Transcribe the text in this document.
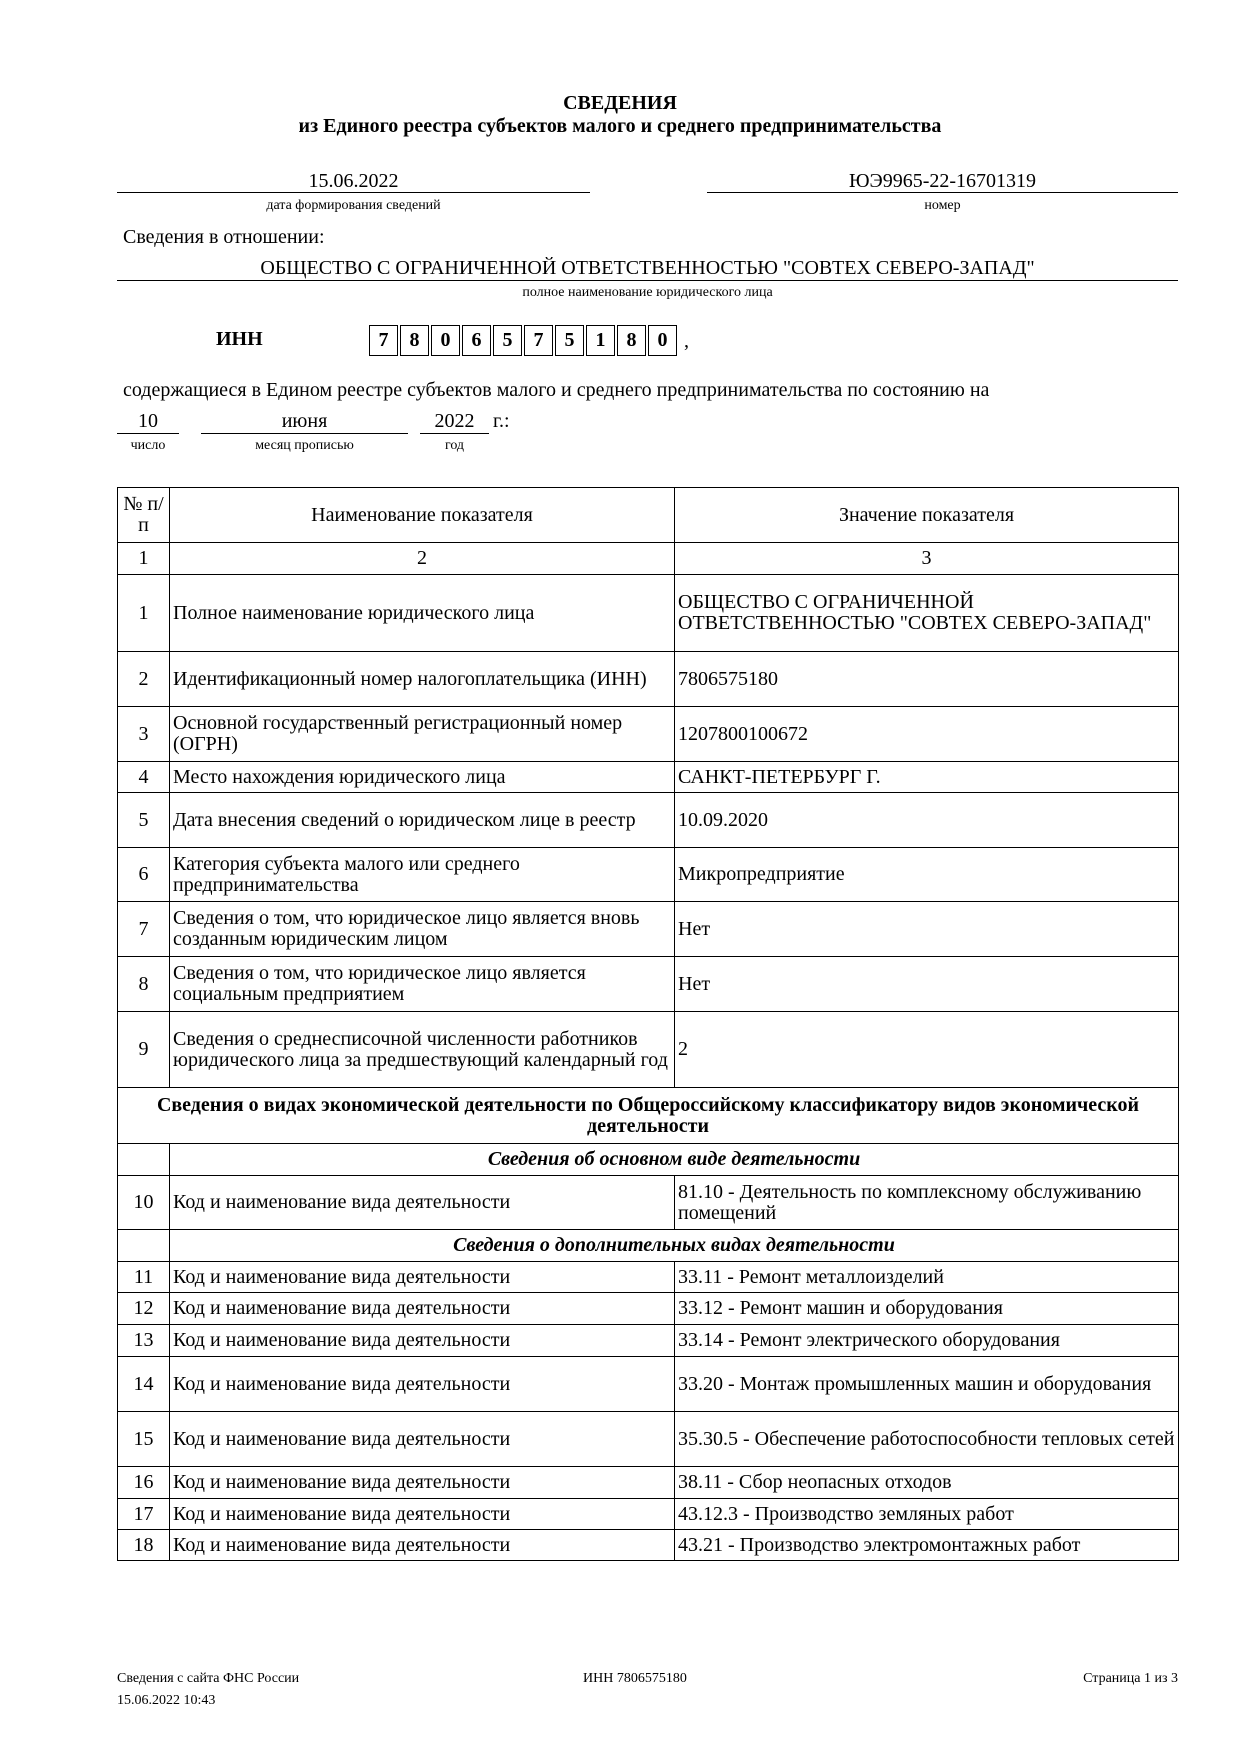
СВЕДЕНИЯ
из Единого реестра субъектов малого и среднего предпринимательства
15.06.2022
дата формирования сведений
ЮЭ9965-22-16701319
номер
Сведения в отношении:
ОБЩЕСТВО С ОГРАНИЧЕННОЙ ОТВЕТСТВЕННОСТЬЮ "СОВТЕХ СЕВЕРО-ЗАПАД"
полное наименование юридического лица
ИНН	7	8	0	6	5	7	5	1	8	0 ,
содержащиеся в Едином реестре субъектов малого и среднего предпринимательства по состоянию на
10	июня	2022 г.:
число	месяц прописью	год
№ п/п	Наименование показателя	Значение показателя
1	2	3
1	Полное наименование юридического лица	ОБЩЕСТВО С ОГРАНИЧЕННОЙ ОТВЕТСТВЕННОСТЬЮ "СОВТЕХ СЕВЕРО-ЗАПАД"
2	Идентификационный номер налогоплательщика (ИНН)	7806575180
3	Основной государственный регистрационный номер (ОГРН)	1207800100672
4	Место нахождения юридического лица	САНКТ-ПЕТЕРБУРГ Г.
5	Дата внесения сведений о юридическом лице в реестр	10.09.2020
6	Категория субъекта малого или среднего предпринимательства	Микропредприятие
7	Сведения о том, что юридическое лицо является вновь созданным юридическим лицом	Нет
8	Сведения о том, что юридическое лицо является социальным предприятием	Нет
9	Сведения о среднесписочной численности работников юридического лица за предшествующий календарный год	2
Сведения о видах экономической деятельности по Общероссийскому классификатору видов экономической деятельности		
	Сведения об основном виде деятельности	
10	Код и наименование вида деятельности	81.10 - Деятельность по комплексному обслуживанию помещений
	Сведения о дополнительных видах деятельности	
11	Код и наименование вида деятельности	33.11 - Ремонт металлоизделий
12	Код и наименование вида деятельности	33.12 - Ремонт машин и оборудования
13	Код и наименование вида деятельности	33.14 - Ремонт электрического оборудования
14	Код и наименование вида деятельности	33.20 - Монтаж промышленных машин и оборудования
15	Код и наименование вида деятельности	35.30.5 - Обеспечение работоспособности тепловых сетей
16	Код и наименование вида деятельности	38.11 - Сбор неопасных отходов
17	Код и наименование вида деятельности	43.12.3 - Производство земляных работ
18	Код и наименование вида деятельности	43.21 - Производство электромонтажных работ
Сведения с сайта ФНС России
15.06.2022 10:43
ИНН 7806575180	Страница 1 из 3
